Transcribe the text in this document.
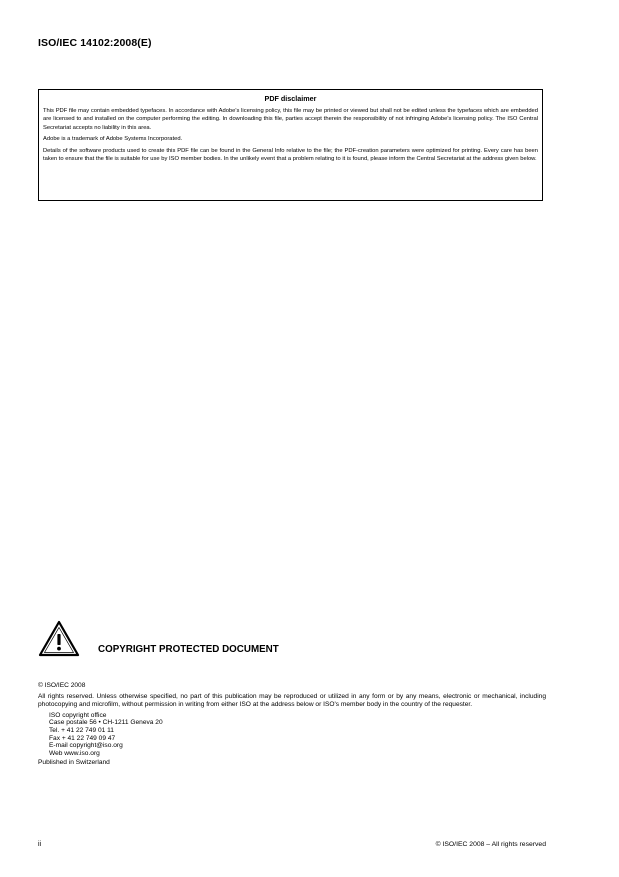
ISO/IEC 14102:2008(E)
PDF disclaimer

This PDF file may contain embedded typefaces. In accordance with Adobe's licensing policy, this file may be printed or viewed but shall not be edited unless the typefaces which are embedded are licensed to and installed on the computer performing the editing. In downloading this file, parties accept therein the responsibility of not infringing Adobe's licensing policy. The ISO Central Secretariat accepts no liability in this area.

Adobe is a trademark of Adobe Systems Incorporated.

Details of the software products used to create this PDF file can be found in the General Info relative to the file; the PDF-creation parameters were optimized for printing. Every care has been taken to ensure that the file is suitable for use by ISO member bodies. In the unlikely event that a problem relating to it is found, please inform the Central Secretariat at the address given below.

COPYRIGHT PROTECTED DOCUMENT
© ISO/IEC 2008
All rights reserved. Unless otherwise specified, no part of this publication may be reproduced or utilized in any form or by any means, electronic or mechanical, including photocopying and microfilm, without permission in writing from either ISO at the address below or ISO's member body in the country of the requester.
ISO copyright office
Case postale 56 • CH-1211 Geneva 20
Tel. + 41 22 749 01 11
Fax + 41 22 749 09 47
E-mail copyright@iso.org
Web www.iso.org
Published in Switzerland
ii	© ISO/IEC 2008 – All rights reserved
